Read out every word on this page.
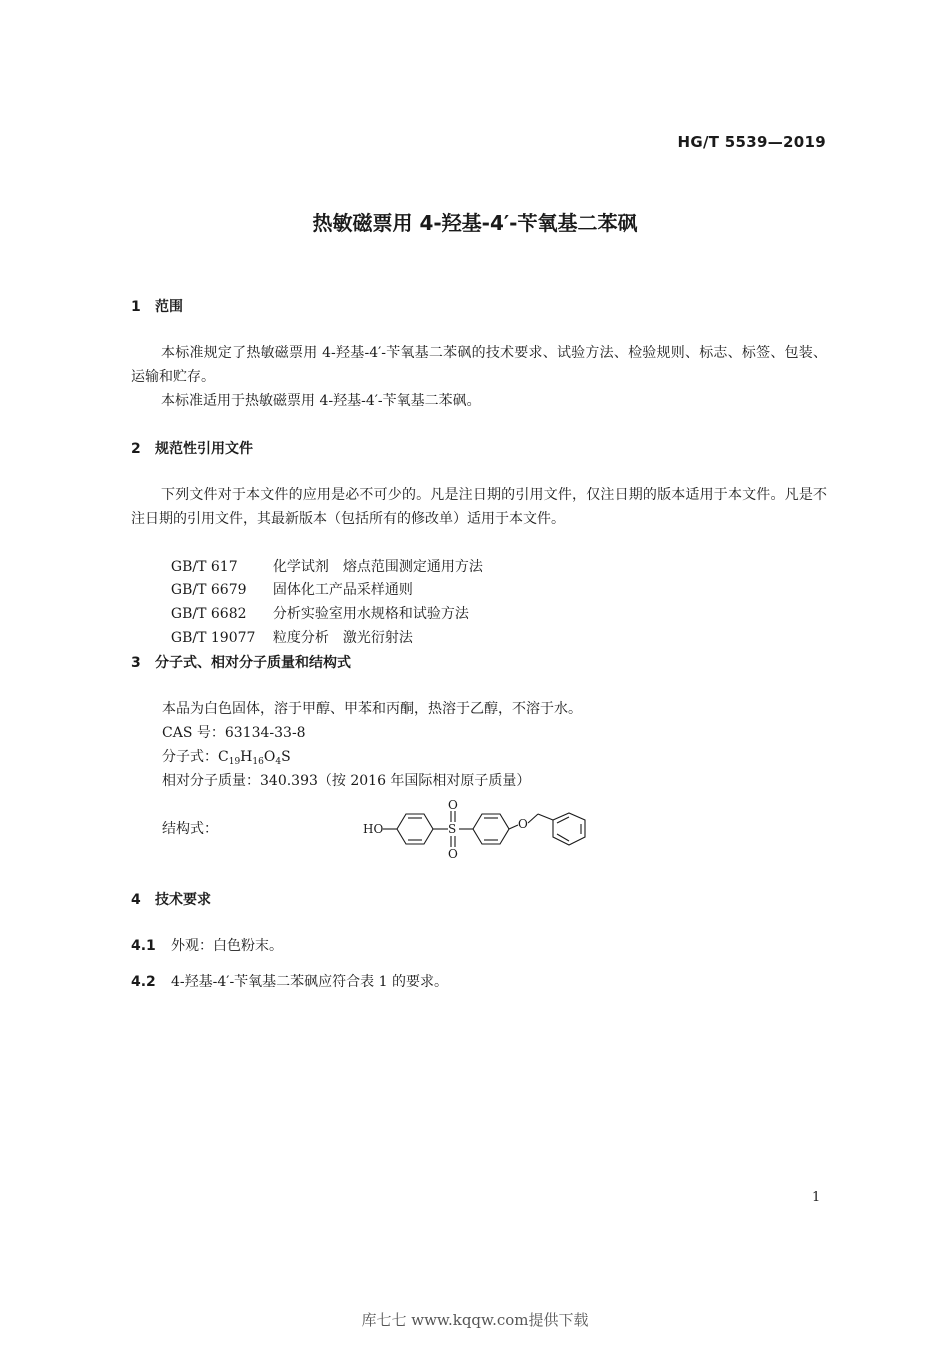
HG/T 5539—2019
热敏磁票用 4-羟基-4′-苄氧基二苯砜
1 范围
本标准规定了热敏磁票用 4-羟基-4′-苄氧基二苯砜的技术要求、试验方法、检验规则、标志、标签、包装、运输和贮存。
本标准适用于热敏磁票用 4-羟基-4′-苄氧基二苯砜。
2 规范性引用文件
下列文件对于本文件的应用是必不可少的。凡是注日期的引用文件，仅注日期的版本适用于本文件。凡是不注日期的引用文件，其最新版本（包括所有的修改单）适用于本文件。

GB/T 617	化学试剂　熔点范围测定通用方法

GB/T 6679 固体化工产品采样通则

GB/T 6682 分析实验室用水规格和试验方法

GB/T 19077 粒度分析　激光衍射法

3 分子式、相对分子质量和结构式
本品为白色固体，溶于甲醇、甲苯和丙酮，热溶于乙醇，不溶于水。
CAS 号：63134-33-8
分子式：$C_{19}H_{16}O_4S$
相对分子质量：340.393（按 2016 年国际相对原子质量）
结构式：	HO	S
O
O
O
4 技术要求
4.1 外观：白色粉末。
4.2 4-羟基-4′-苄氧基二苯砜应符合表 1 的要求。
1
库七七 www.kqqw.com提供下载
